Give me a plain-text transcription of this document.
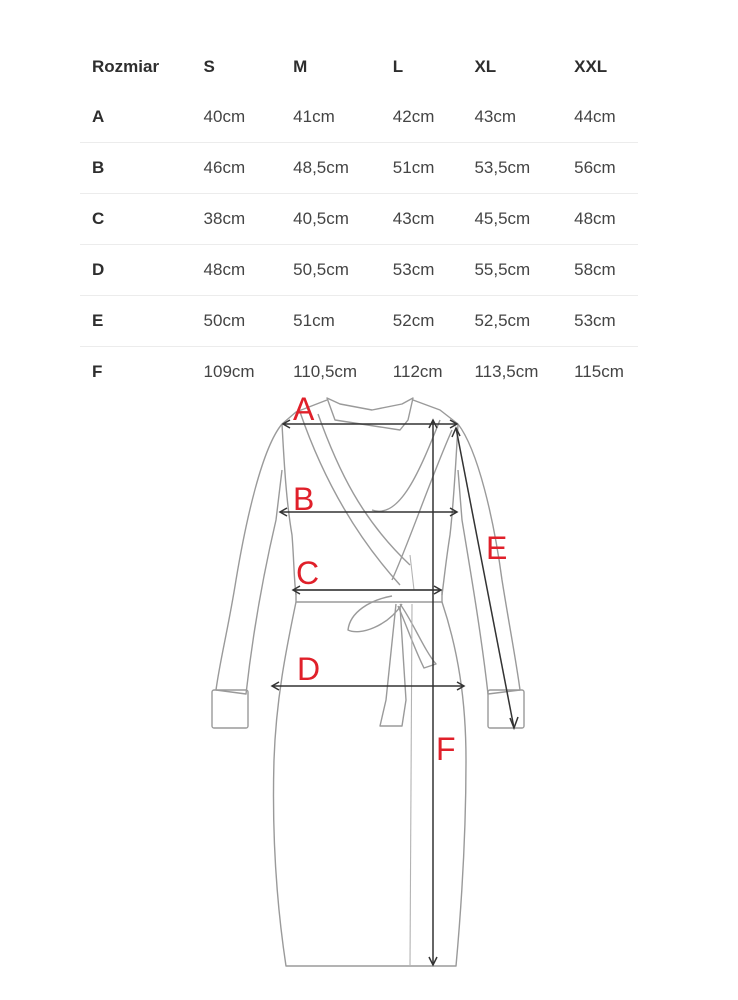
Rozmiar	S	M	L	XL	XXL
A	40cm	41cm	42cm	43cm	44cm
B	46cm	48,5cm	51cm	53,5cm	56cm
C	38cm	40,5cm	43cm	45,5cm	48cm
D	48cm	50,5cm	53cm	55,5cm	58cm
E	50cm	51cm	52cm	52,5cm	53cm
F	109cm	110,5cm	112cm	113,5cm	115cm
A
B
C
D
E
F
